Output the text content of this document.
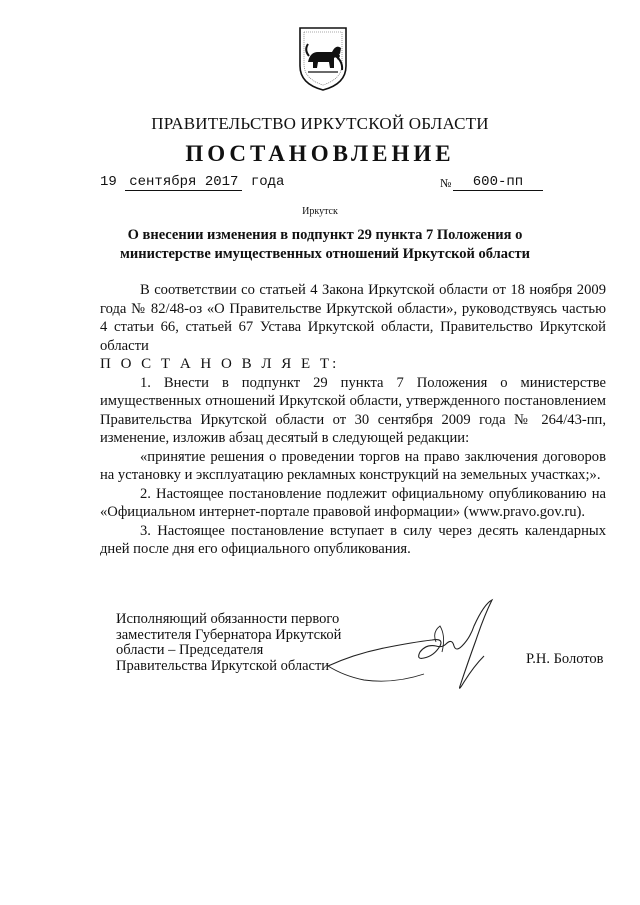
ПРАВИТЕЛЬСТВО ИРКУТСКОЙ ОБЛАСТИ
ПОСТАНОВЛЕНИЕ
19 сентября 2017 года	№	600-пп
Иркутск
О внесении изменения в подпункт 29 пункта 7 Положения о министерстве имущественных отношений Иркутской области

В соответствии со статьей 4 Закона Иркутской области от 18 ноября 2009 года № 82/48-оз «О Правительстве Иркутской области», руководствуясь частью 4 статьи 66, статьей 67 Устава Иркутской области, Правительство Иркутской области

П О С Т А Н О В Л Я Е Т:

1. Внести в подпункт 29 пункта 7 Положения о министерстве имущественных отношений Иркутской области, утвержденного постановлением Правительства Иркутской области от 30 сентября 2009 года № 264/43-пп, изменение, изложив абзац десятый в следующей редакции:

«принятие решения о проведении торгов на право заключения договоров на установку и эксплуатацию рекламных конструкций на земельных участках;».

2. Настоящее постановление подлежит официальному опубликованию на «Официальном интернет-портале правовой информации» (www.pravo.gov.ru).

3. Настоящее постановление вступает в силу через десять календарных дней после дня его официального опубликования.

Исполняющий обязанности первого заместителя Губернатора Иркутской области – Председателя Правительства Иркутской области	Р.Н. Болотов
